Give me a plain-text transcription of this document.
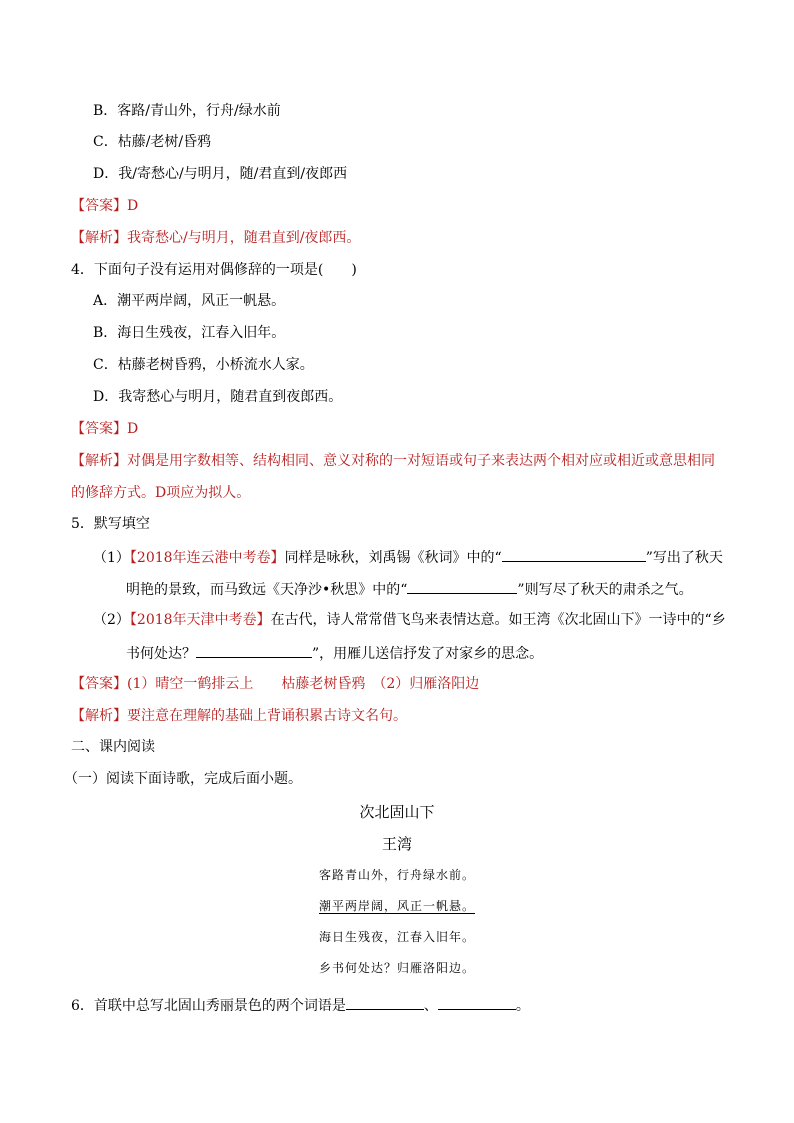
B．客路/青山外，行舟/绿水前
C．枯藤/老树/昏鸦
D．我/寄愁心/与明月，随/君直到/夜郎西
【答案】D
【解析】我寄愁心/与明月，随君直到/夜郎西。
4．下面句子没有运用对偶修辞的一项是(　　)
A．潮平两岸阔，风正一帆悬。
B．海日生残夜，江春入旧年。
C．枯藤老树昏鸦，小桥流水人家。
D．我寄愁心与明月，随君直到夜郎西。
【答案】D
【解析】对偶是用字数相等、结构相同、意义对称的一对短语或句子来表达两个相对应或相近或意思相同
的修辞方式。D项应为拟人。
5．默写填空
（1）【2018年连云港中考卷】同样是咏秋，刘禹锡《秋词》中的“	”写出了秋天
明艳的景致，而马致远《天净沙•秋思》中的“	”则写尽了秋天的肃杀之气。
（2）【2018年天津中考卷】在古代，诗人常常借飞鸟来表情达意。如王湾《次北固山下》一诗中的“乡
书何处达？	”，用雁儿送信抒发了对家乡的思念。
【答案】(1）晴空一鹤排云上　　枯藤老树昏鸦　（2）归雁洛阳边
【解析】要注意在理解的基础上背诵积累古诗文名句。
二、课内阅读
（一）阅读下面诗歌，完成后面小题。
次北固山下
王湾
客路青山外，行舟绿水前。
潮平两岸阔，风正一帆悬。
海日生残夜，江春入旧年。
乡书何处达？归雁洛阳边。
6．首联中总写北固山秀丽景色的两个词语是	、	。
